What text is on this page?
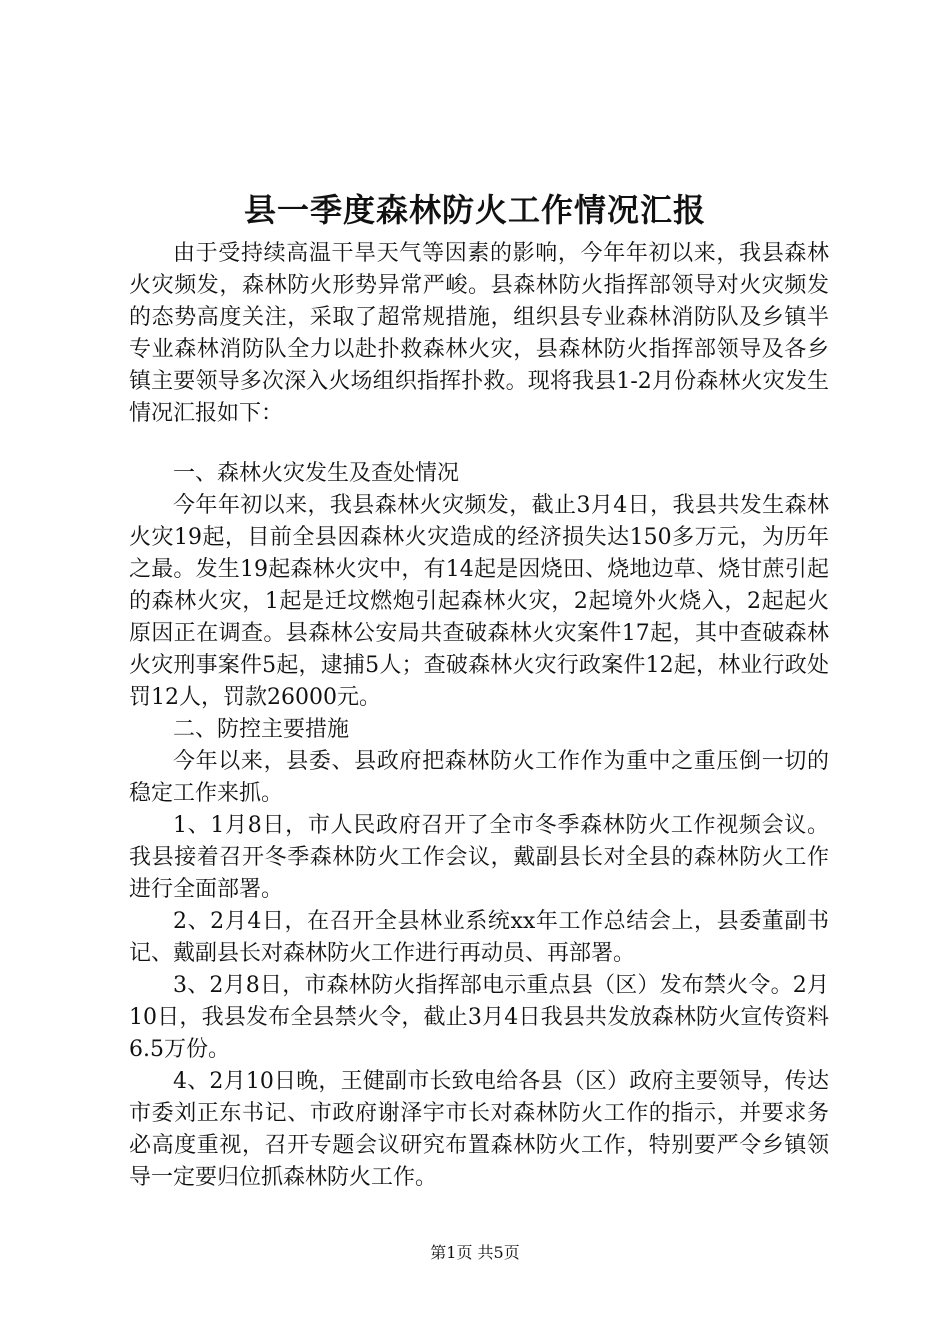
县一季度森林防火工作情况汇报

由于受持续高温干旱天气等因素的影响，今年年初以来，我县森林火灾频发，森林防火形势异常严峻。县森林防火指挥部领导对火灾频发的态势高度关注，采取了超常规措施，组织县专业森林消防队及乡镇半专业森林消防队全力以赴扑救森林火灾，县森林防火指挥部领导及各乡镇主要领导多次深入火场组织指挥扑救。现将我县1-2月份森林火灾发生情况汇报如下：

一、森林火灾发生及查处情况

今年年初以来，我县森林火灾频发，截止3月4日，我县共发生森林火灾19起，目前全县因森林火灾造成的经济损失达150多万元，为历年之最。发生19起森林火灾中，有14起是因烧田、烧地边草、烧甘蔗引起的森林火灾，1起是迁坟燃炮引起森林火灾，2起境外火烧入，2起起火原因正在调查。县森林公安局共查破森林火灾案件17起，其中查破森林火灾刑事案件5起，逮捕5人；查破森林火灾行政案件12起，林业行政处罚12人，罚款26000元。

二、防控主要措施

今年以来，县委、县政府把森林防火工作作为重中之重压倒一切的稳定工作来抓。

1、1月8日，市人民政府召开了全市冬季森林防火工作视频会议。我县接着召开冬季森林防火工作会议，戴副县长对全县的森林防火工作进行全面部署。

2、2月4日，在召开全县林业系统xx年工作总结会上，县委董副书记、戴副县长对森林防火工作进行再动员、再部署。

3、2月8日，市森林防火指挥部电示重点县（区）发布禁火令。2月10日，我县发布全县禁火令，截止3月4日我县共发放森林防火宣传资料6.5万份。

4、2月10日晚，王健副市长致电给各县（区）政府主要领导，传达市委刘正东书记、市政府谢泽宇市长对森林防火工作的指示，并要求务必高度重视，召开专题会议研究布置森林防火工作，特别要严令乡镇领导一定要归位抓森林防火工作。

第1页 共5页
